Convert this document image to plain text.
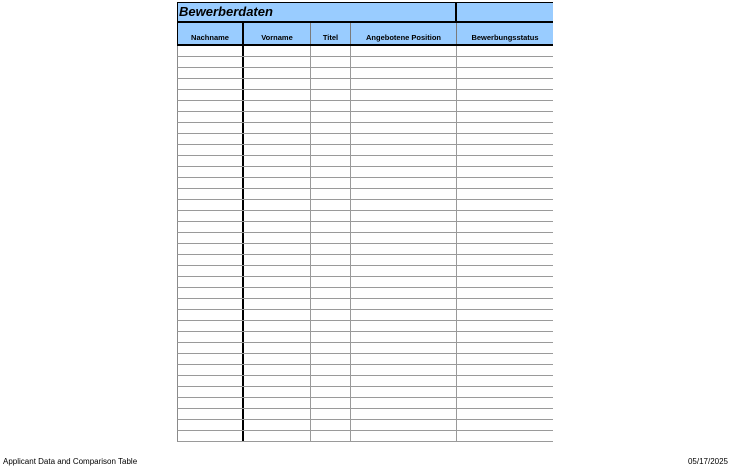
Bewerberdaten
Nachname	Vorname	Titel	Angebotene Position	Bewerbungsstatus
Applicant Data and Comparison Table	05/17/2025
